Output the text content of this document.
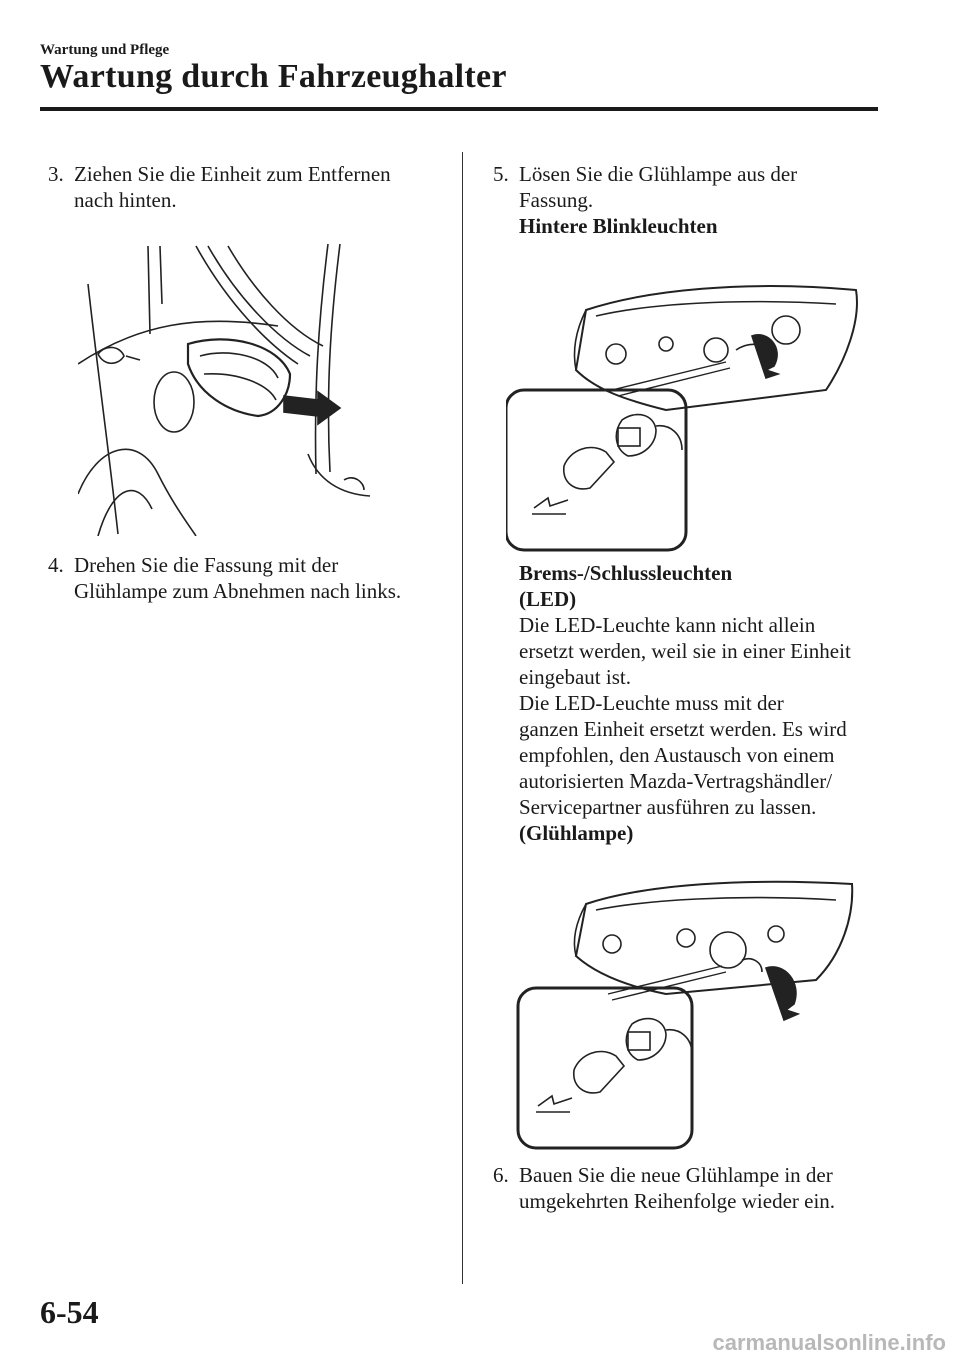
Wartung und Pflege
Wartung durch Fahrzeughalter
3. Ziehen Sie die Einheit zum Entfernen
nach hinten.
4. Drehen Sie die Fassung mit der
Glühlampe zum Abnehmen nach links.
5. Lösen Sie die Glühlampe aus der
Fassung.
Hintere Blinkleuchten
Brems-/Schlussleuchten
(LED)
Die LED-Leuchte kann nicht allein
ersetzt werden, weil sie in einer Einheit
eingebaut ist.
Die LED-Leuchte muss mit der
ganzen Einheit ersetzt werden. Es wird
empfohlen, den Austausch von einem
autorisierten Mazda-Vertragshändler/
Servicepartner ausführen zu lassen.
(Glühlampe)
6. Bauen Sie die neue Glühlampe in der
umgekehrten Reihenfolge wieder ein.
6-54
carmanualsonline.info
